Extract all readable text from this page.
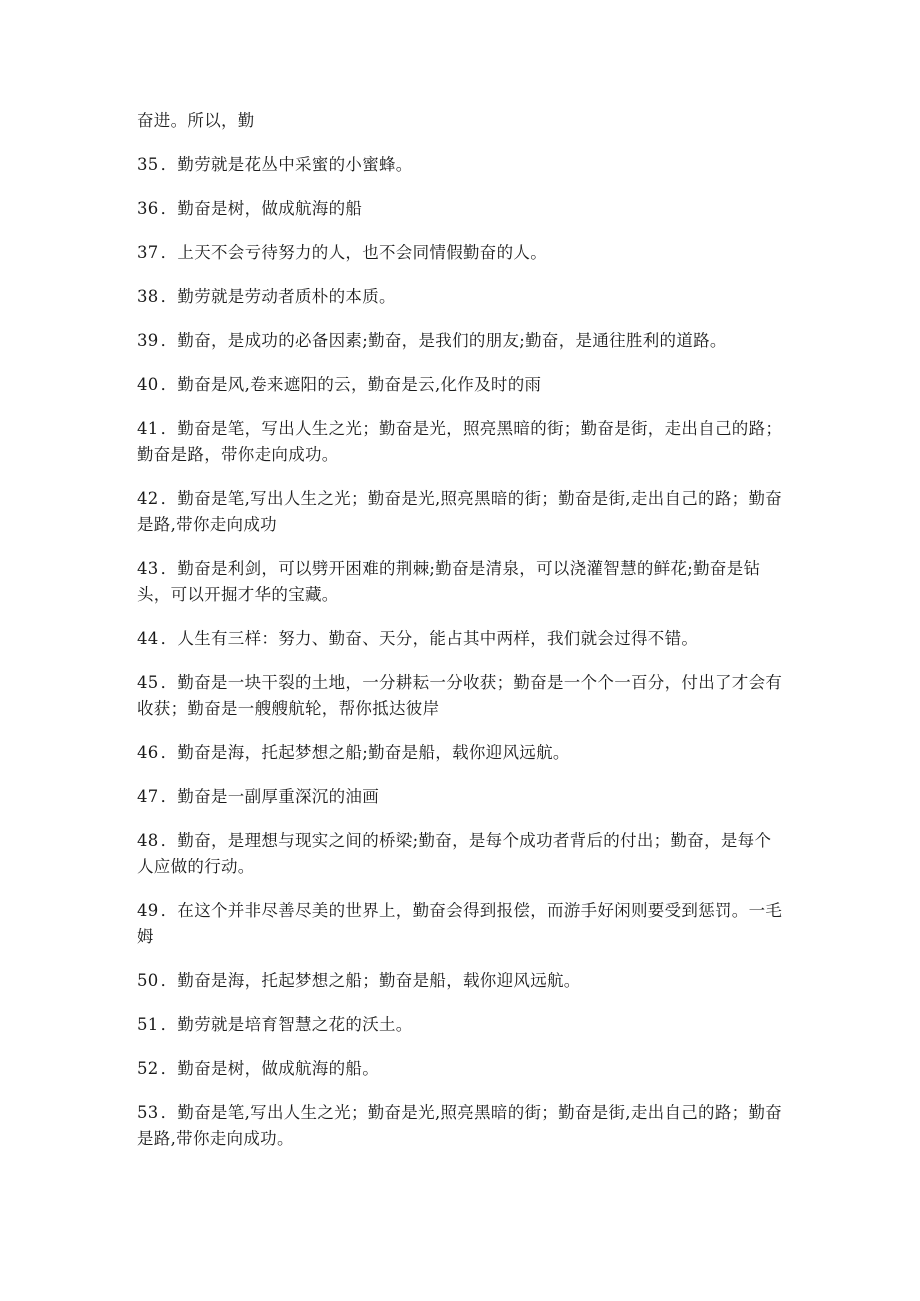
奋进。所以，勤

35 ．勤劳就是花丛中采蜜的小蜜蜂。

36 ．勤奋是树，做成航海的船

37 ．上天不会亏待努力的人，也不会同情假勤奋的人。

38 ．勤劳就是劳动者质朴的本质。

39 ．勤奋，是成功的必备因素;勤奋，是我们的朋友;勤奋，是通往胜利的道路。

40 ．勤奋是风,卷来遮阳的云，勤奋是云,化作及时的雨

41 ．勤奋是笔，写出人生之光；勤奋是光，照亮黑暗的街；勤奋是街，走出自己的路；勤奋是路，带你走向成功。

42 ．勤奋是笔,写出人生之光；勤奋是光,照亮黑暗的街；勤奋是街,走出自己的路；勤奋是路,带你走向成功

43 ．勤奋是利剑，可以劈开困难的荆棘;勤奋是清泉，可以浇灌智慧的鲜花;勤奋是钻头，可以开掘才华的宝藏。

44 ．人生有三样：努力、勤奋、天分，能占其中两样，我们就会过得不错。

45 ．勤奋是一块干裂的土地，一分耕耘一分收获；勤奋是一个个一百分，付出了才会有收获；勤奋是一艘艘航轮，帮你抵达彼岸

46 ．勤奋是海，托起梦想之船;勤奋是船，载你迎风远航。

47 ．勤奋是一副厚重深沉的油画

48 ．勤奋，是理想与现实之间的桥梁;勤奋，是每个成功者背后的付出；勤奋，是每个人应做的行动。

49 ．在这个并非尽善尽美的世界上，勤奋会得到报偿，而游手好闲则要受到惩罚。一毛姆

50 ．勤奋是海，托起梦想之船；勤奋是船，载你迎风远航。

51 ．勤劳就是培育智慧之花的沃土。

52 ．勤奋是树，做成航海的船。

53 ．勤奋是笔,写出人生之光；勤奋是光,照亮黑暗的街；勤奋是街,走出自己的路；勤奋是路,带你走向成功。
